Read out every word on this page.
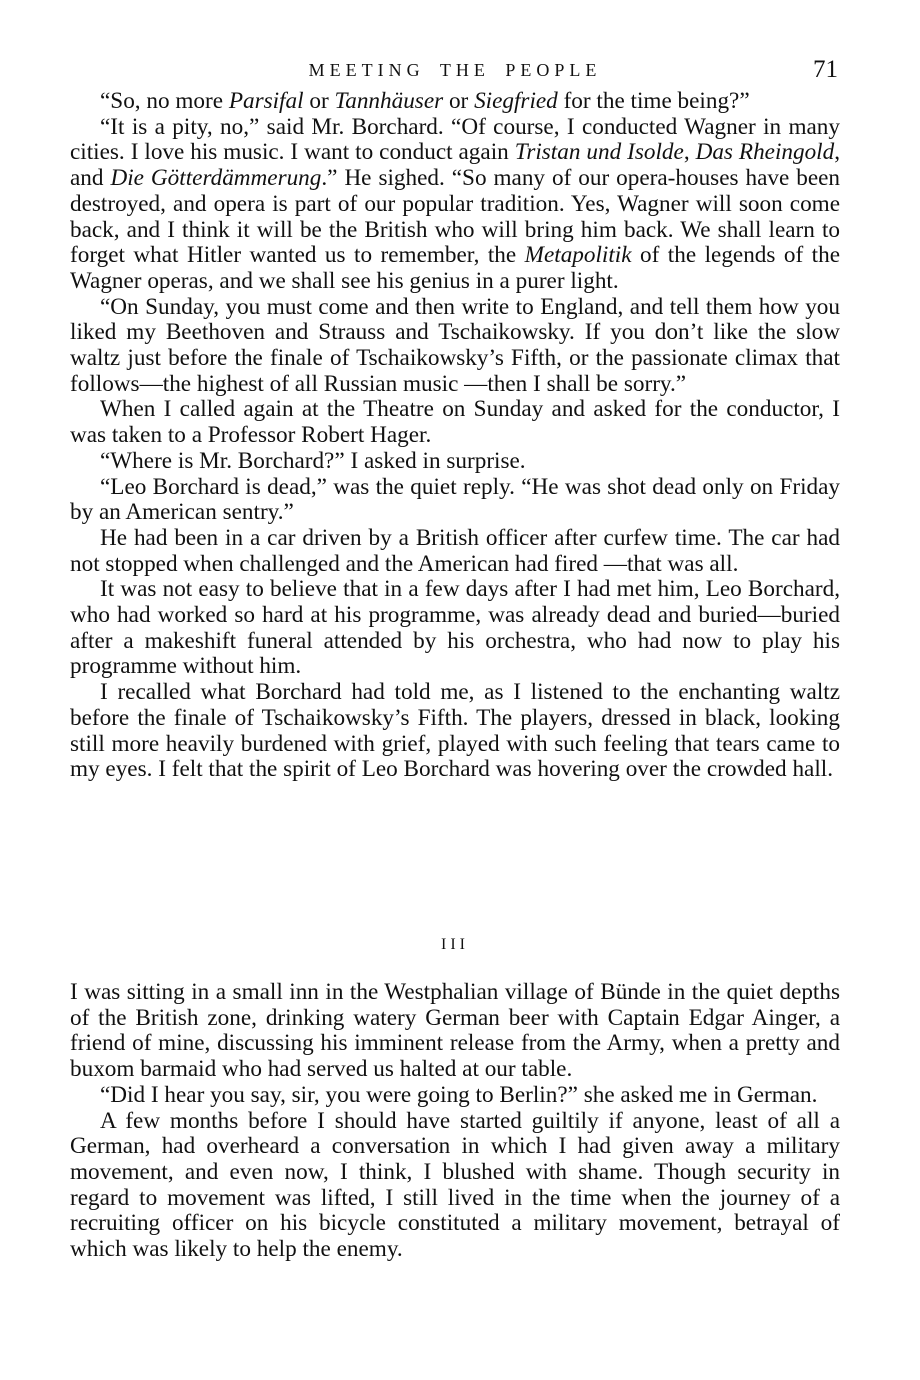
MEETING THE PEOPLE	71

“So, no more Parsifal or Tannhäuser or Siegfried for the time being?”

“It is a pity, no,” said Mr. Borchard. “Of course, I conducted Wagner in many cities. I love his music. I want to conduct again Tristan und Isolde, Das Rheingold, and Die Götterdämmerung.” He sighed. “So many of our opera-houses have been destroyed, and opera is part of our popular tradition. Yes, Wagner will soon come back, and I think it will be the British who will bring him back. We shall learn to forget what Hitler wanted us to remember, the Metapolitik of the legends of the Wagner operas, and we shall see his genius in a purer light.

“On Sunday, you must come and then write to England, and tell them how you liked my Beethoven and Strauss and Tschaikowsky. If you don’t like the slow waltz just before the finale of Tschaikowsky’s Fifth, or the passionate climax that follows—the highest of all Russian music —then I shall be sorry.”

When I called again at the Theatre on Sunday and asked for the conductor, I was taken to a Professor Robert Hager.

“Where is Mr. Borchard?” I asked in surprise.

“Leo Borchard is dead,” was the quiet reply. “He was shot dead only on Friday by an American sentry.”

He had been in a car driven by a British officer after curfew time. The car had not stopped when challenged and the American had fired —that was all.

It was not easy to believe that in a few days after I had met him, Leo Borchard, who had worked so hard at his programme, was already dead and buried—buried after a makeshift funeral attended by his orchestra, who had now to play his programme without him.

I recalled what Borchard had told me, as I listened to the enchanting waltz before the finale of Tschaikowsky’s Fifth. The players, dressed in black, looking still more heavily burdened with grief, played with such feeling that tears came to my eyes. I felt that the spirit of Leo Borchard was hovering over the crowded hall.

III

I was sitting in a small inn in the Westphalian village of Bünde in the quiet depths of the British zone, drinking watery German beer with Captain Edgar Ainger, a friend of mine, discussing his imminent release from the Army, when a pretty and buxom barmaid who had served us halted at our table.

“Did I hear you say, sir, you were going to Berlin?” she asked me in German.

A few months before I should have started guiltily if anyone, least of all a German, had overheard a conversation in which I had given away a military movement, and even now, I think, I blushed with shame. Though security in regard to movement was lifted, I still lived in the time when the journey of a recruiting officer on his bicycle constituted a military movement, betrayal of which was likely to help the enemy.
